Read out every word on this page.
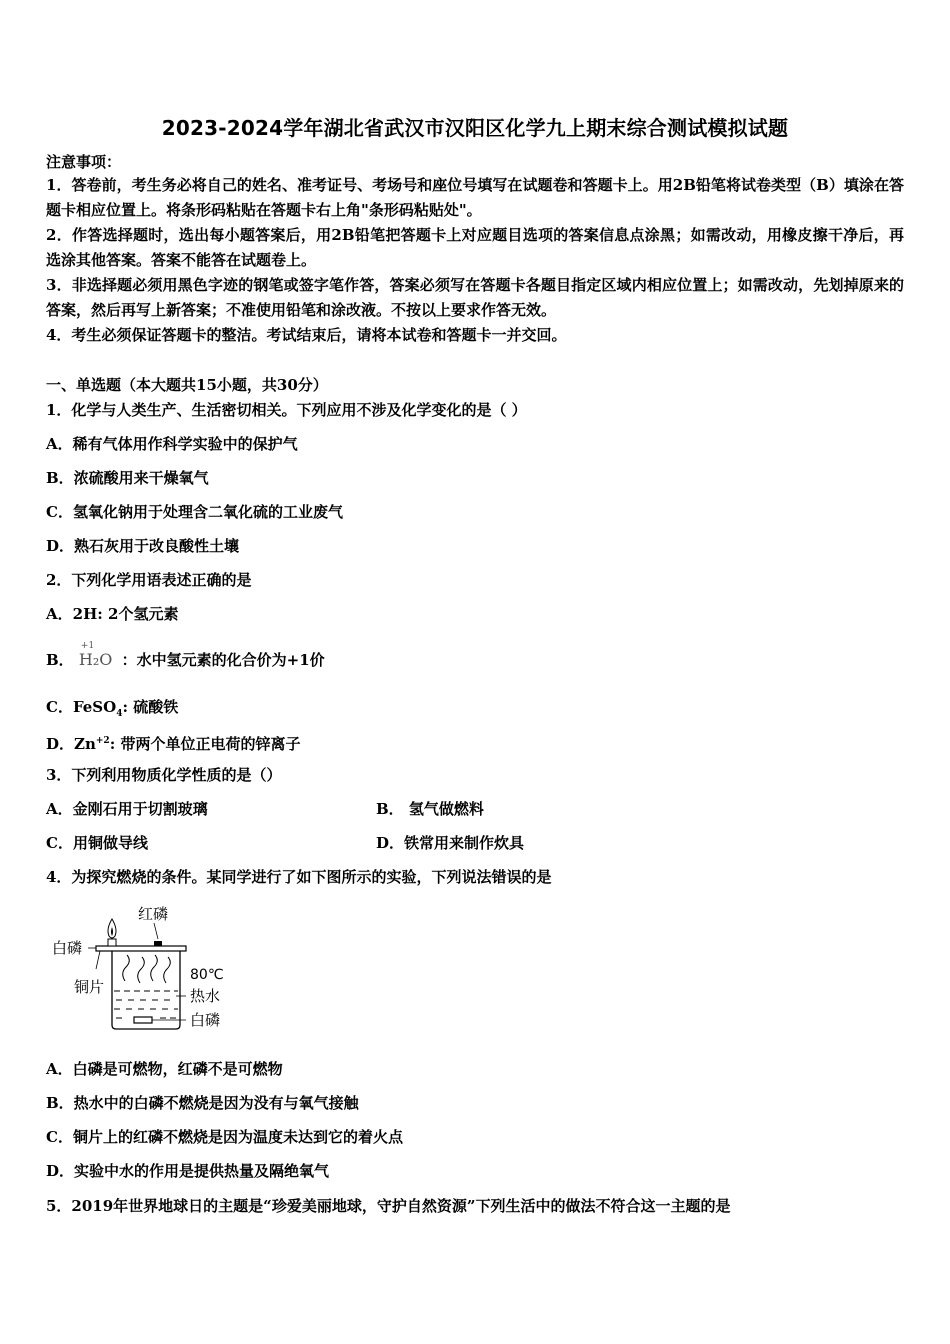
2023-2024学年湖北省武汉市汉阳区化学九上期末综合测试模拟试题
注意事项：
1．答卷前，考生务必将自己的姓名、准考证号、考场号和座位号填写在试题卷和答题卡上。用2B铅笔将试卷类型（B）填涂在答题卡相应位置上。将条形码粘贴在答题卡右上角"条形码粘贴处"。
2．作答选择题时，选出每小题答案后，用2B铅笔把答题卡上对应题目选项的答案信息点涂黑；如需改动，用橡皮擦干净后，再选涂其他答案。答案不能答在试题卷上。
3．非选择题必须用黑色字迹的钢笔或签字笔作答，答案必须写在答题卡各题目指定区域内相应位置上；如需改动，先划掉原来的答案，然后再写上新答案；不准使用铅笔和涂改液。不按以上要求作答无效。
4．考生必须保证答题卡的整洁。考试结束后，请将本试卷和答题卡一并交回。
一、单选题（本大题共15小题，共30分）
1．化学与人类生产、生活密切相关。下列应用不涉及化学变化的是（ ）
A．稀有气体用作科学实验中的保护气
B．浓硫酸用来干燥氧气
C．氢氧化钠用于处理含二氧化硫的工业废气
D．熟石灰用于改良酸性土壤
2．下列化学用语表述正确的是
A．2H: 2个氢元素
B．
+1
H₂O ：水中氢元素的化合价为+1价
C．FeSO$_4$: 硫酸铁
D．$Zn^{+2}$: 带两个单位正电荷的锌离子
3．下列利用物质化学性质的是（）
A．金刚石用于切割玻璃	B． 氢气做燃料
C．用铜做导线	D．铁常用来制作炊具
4．为探究燃烧的条件。某同学进行了如下图所示的实验，下列说法错误的是
红磷
白磷
铜片
80℃
热水
白磷
A．白磷是可燃物，红磷不是可燃物
B．热水中的白磷不燃烧是因为没有与氧气接触
C．铜片上的红磷不燃烧是因为温度未达到它的着火点
D．实验中水的作用是提供热量及隔绝氧气
5．2019年世界地球日的主题是“珍爱美丽地球，守护自然资源”下列生活中的做法不符合这一主题的是
